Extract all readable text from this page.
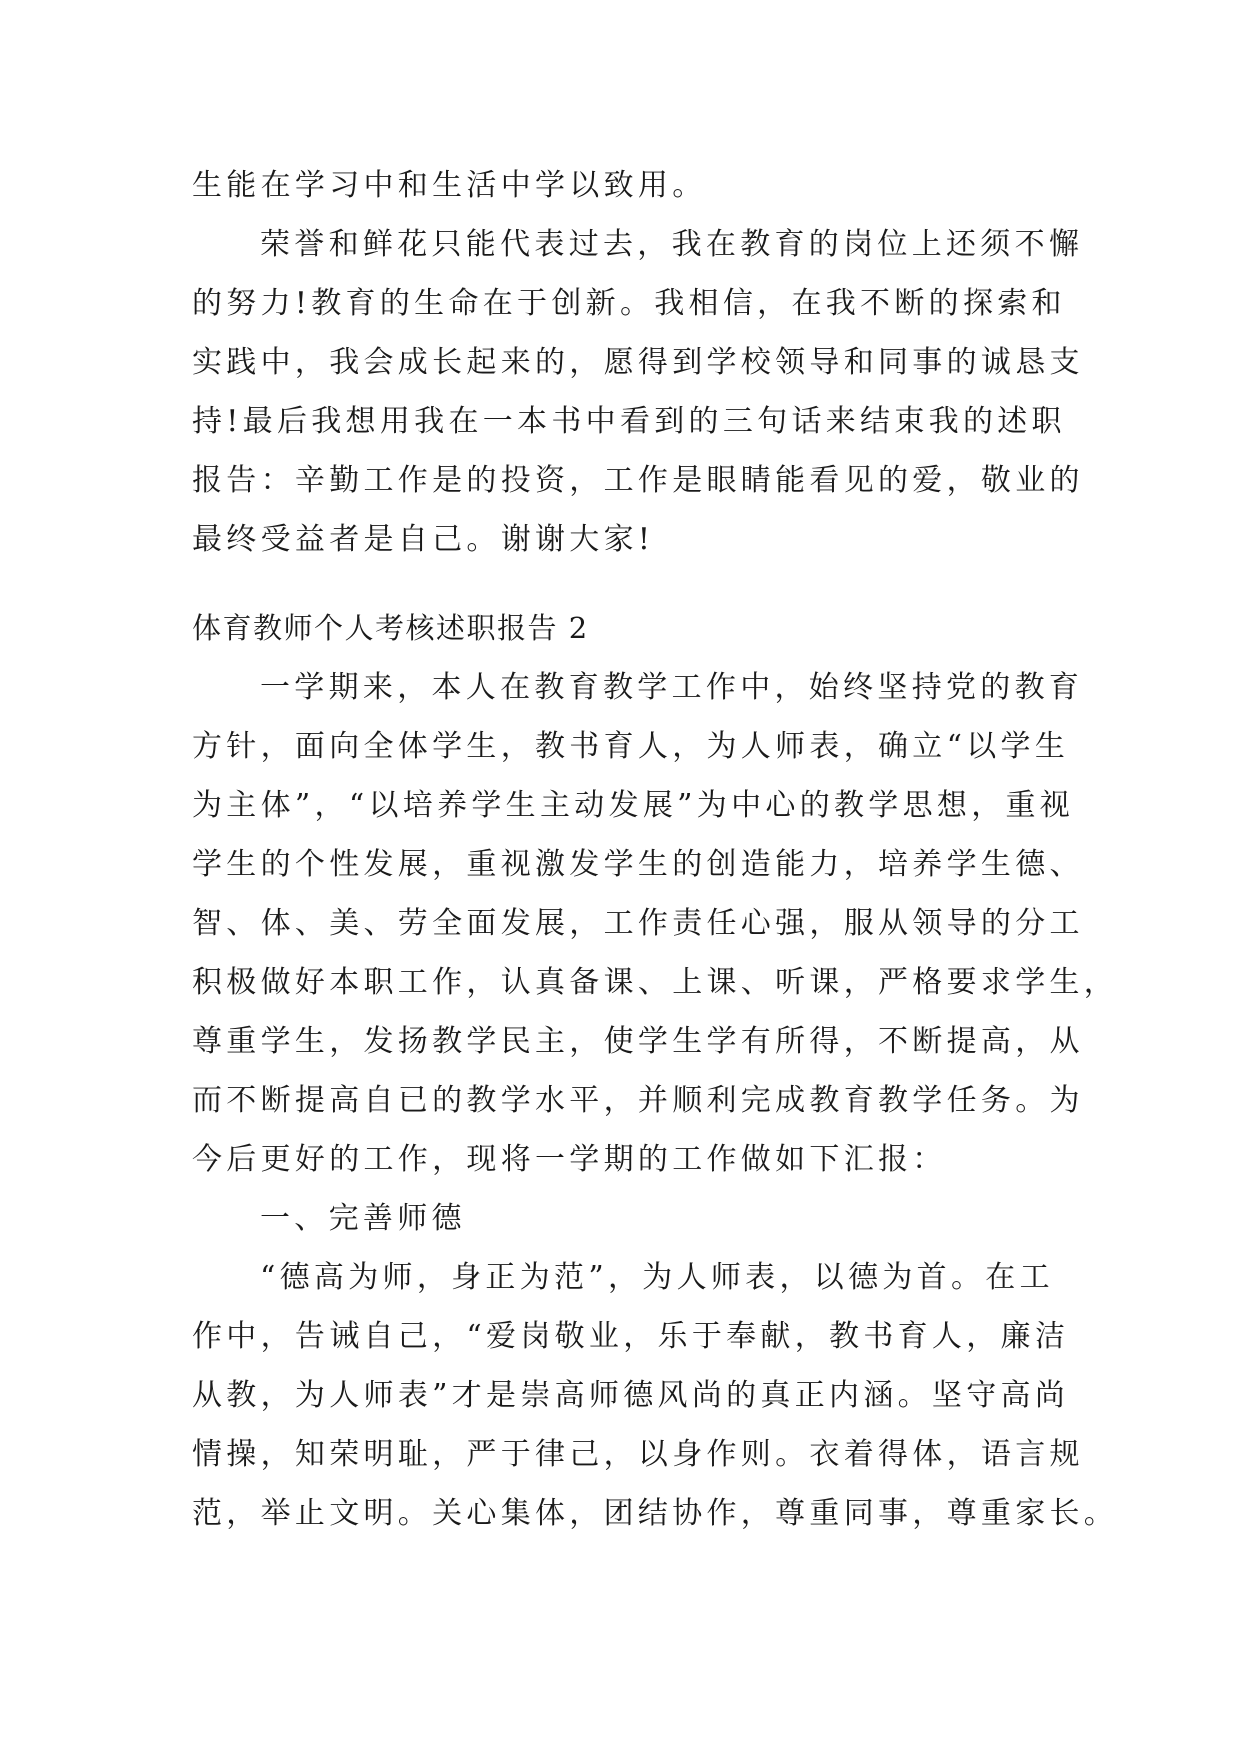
生能在学习中和生活中学以致用。
荣誉和鲜花只能代表过去，我在教育的岗位上还须不懈
的努力!教育的生命在于创新。我相信，在我不断的探索和
实践中，我会成长起来的，愿得到学校领导和同事的诚恳支
持!最后我想用我在一本书中看到的三句话来结束我的述职
报告：辛勤工作是的投资，工作是眼睛能看见的爱，敬业的
最终受益者是自己。谢谢大家!
体育教师个人考核述职报告 2
一学期来，本人在教育教学工作中，始终坚持党的教育
方针，面向全体学生，教书育人，为人师表，确立“以学生
为主体”，“以培养学生主动发展”为中心的教学思想，重视
学生的个性发展，重视激发学生的创造能力，培养学生德、
智、体、美、劳全面发展，工作责任心强，服从领导的分工
积极做好本职工作，认真备课、上课、听课，严格要求学生，
尊重学生，发扬教学民主，使学生学有所得，不断提高，从
而不断提高自已的教学水平，并顺利完成教育教学任务。为
今后更好的工作，现将一学期的工作做如下汇报：
一、完善师德
“德高为师，身正为范”，为人师表，以德为首。在工
作中，告诫自己，“爱岗敬业，乐于奉献，教书育人，廉洁
从教，为人师表”才是崇高师德风尚的真正内涵。坚守高尚
情操，知荣明耻，严于律己，以身作则。衣着得体，语言规
范，举止文明。关心集体，团结协作，尊重同事，尊重家长。
